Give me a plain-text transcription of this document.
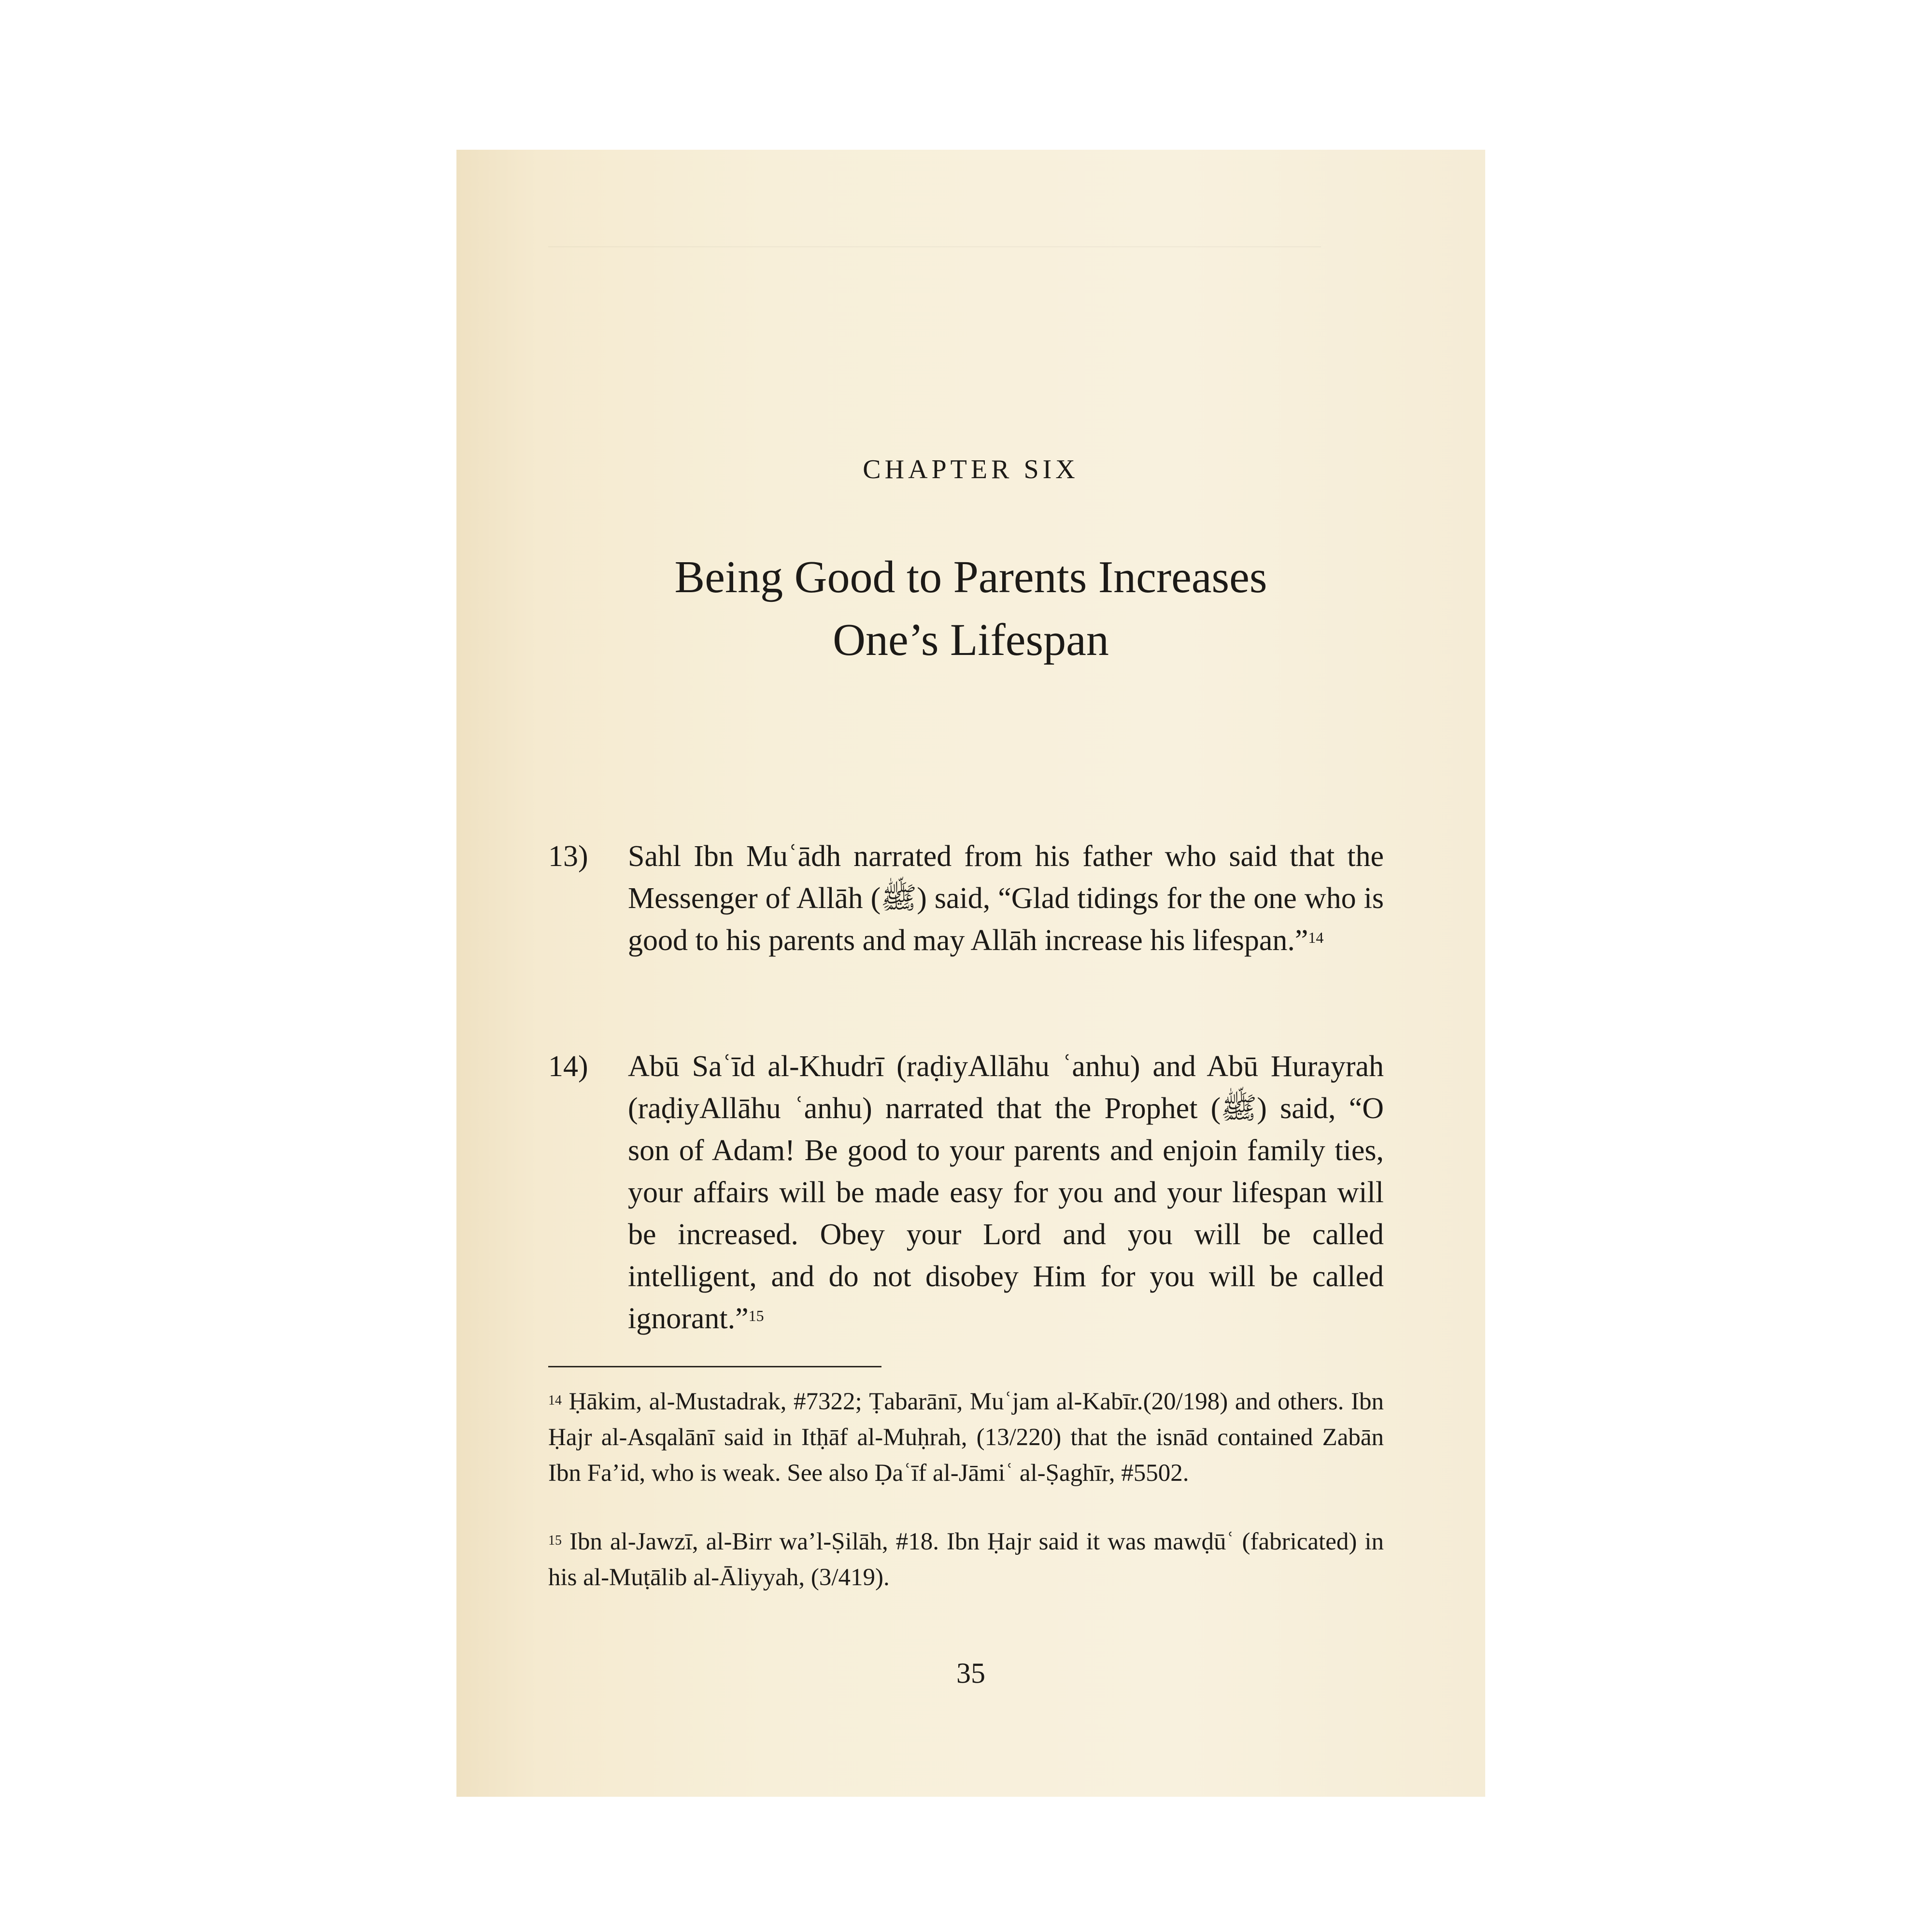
CHAPTER SIX
Being Good to Parents Increases
One’s Lifespan
13)	Sahl Ibn Muʿādh narrated from his father who said that the Messenger of Allāh (ﷺ) said, “Glad tidings for the one who is good to his parents and may Allāh increase his lifespan.”$^{14}$
14)	Abū Saʿīd al-Khudrī (raḍiyAllāhu ʿanhu) and Abū Hurayrah (raḍiyAllāhu ʿanhu) narrated that the Prophet (ﷺ) said, “O son of Adam! Be good to your parents and enjoin family ties, your affairs will be made easy for you and your lifespan will be increased. Obey your Lord and you will be called intelligent, and do not disobey Him for you will be called ignorant.”$^{15}$
$^{14}$ Ḥākim, al-Mustadrak, #7322; Ṭabarānī, Muʿjam al-Kabīr.(20/198) and others. Ibn Ḥajr al-Asqalānī said in Itḥāf al-Muḥrah, (13/220) that the isnād contained Zabān Ibn Fa’id, who is weak. See also Ḍaʿīf al-Jāmiʿ al-Ṣaghīr, #5502.
$^{15}$ Ibn al-Jawzī, al-Birr wa’l-Ṣilāh, #18. Ibn Ḥajr said it was mawḍūʿ (fabricated) in his al-Muṭālib al-Āliyyah, (3/419).
35
